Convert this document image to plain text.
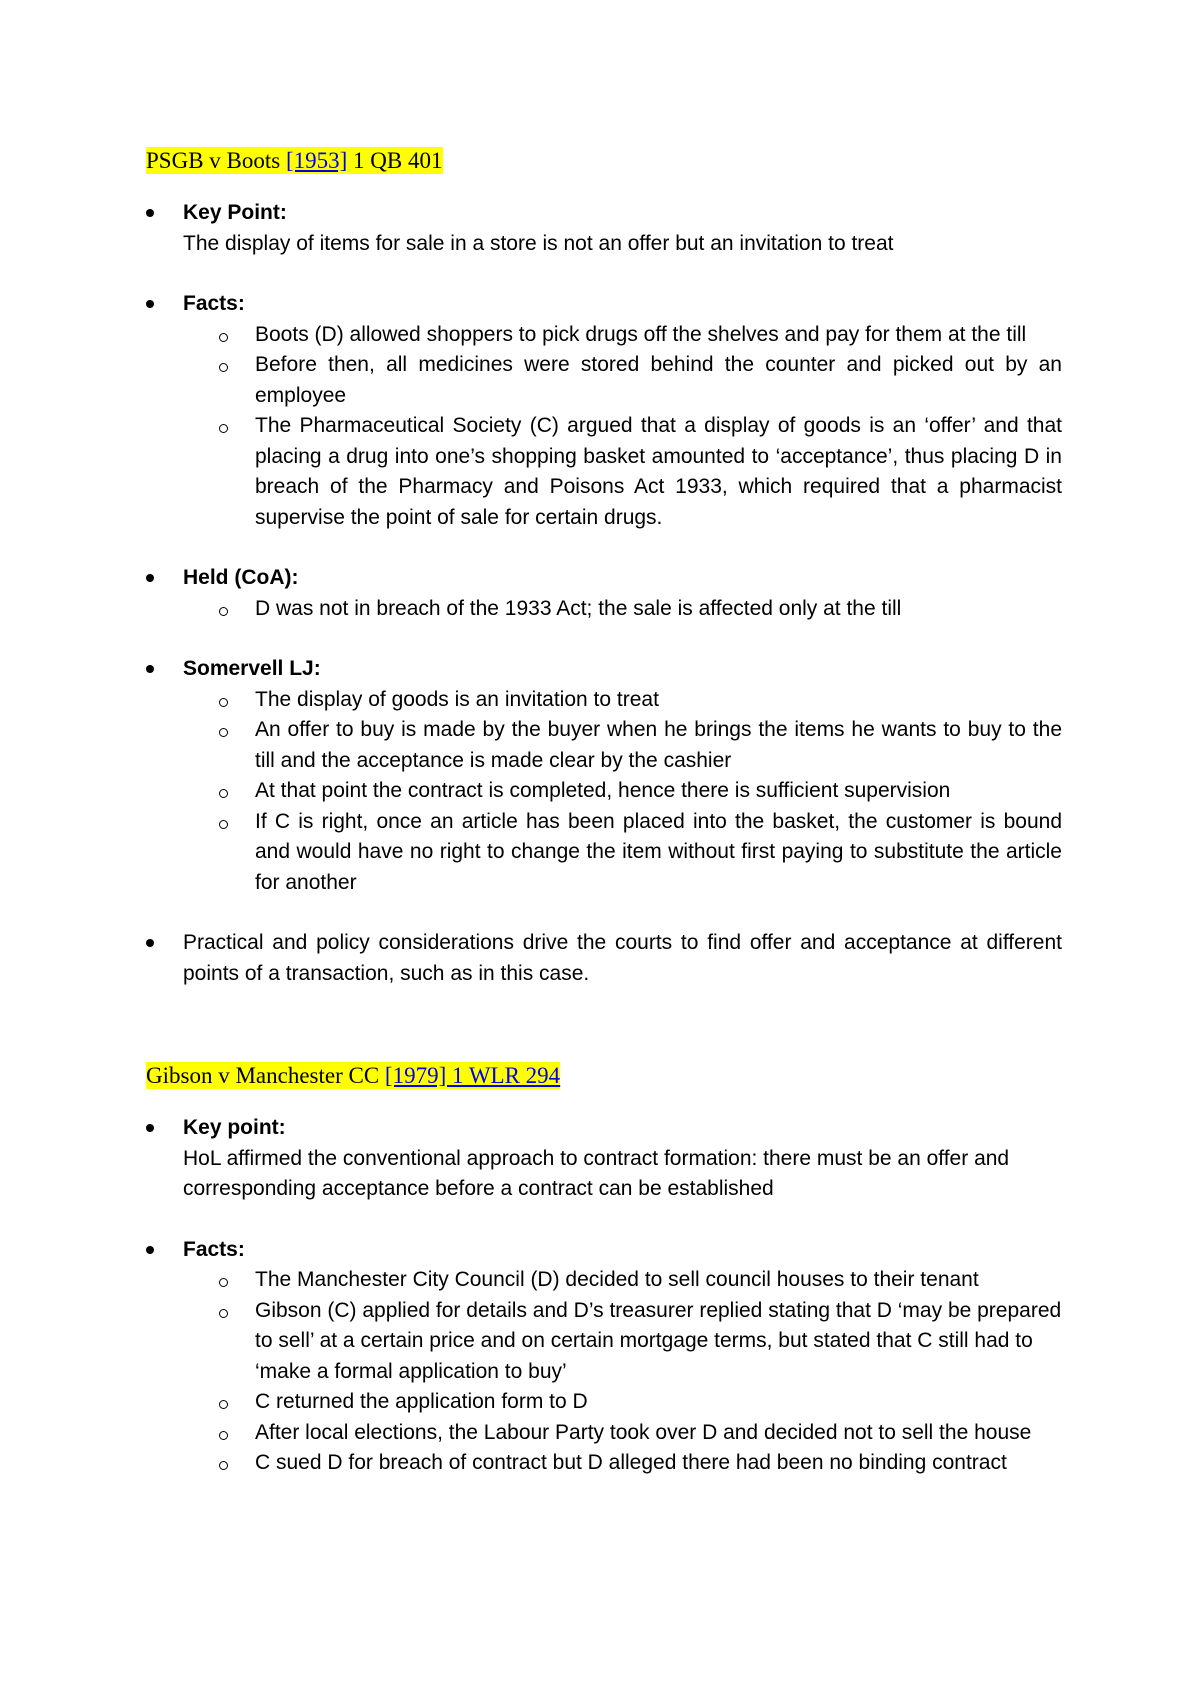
PSGB v Boots [1953] 1 QB 401
Key Point:
The display of items for sale in a store is not an offer but an invitation to treat
Facts:
Boots (D) allowed shoppers to pick drugs off the shelves and pay for them at the till
Before then, all medicines were stored behind the counter and picked out by an employee
The Pharmaceutical Society (C) argued that a display of goods is an ‘offer’ and that placing a drug into one’s shopping basket amounted to ‘acceptance’, thus placing D in breach of the Pharmacy and Poisons Act 1933, which required that a pharmacist supervise the point of sale for certain drugs.
Held (CoA):
D was not in breach of the 1933 Act; the sale is affected only at the till
Somervell LJ:
The display of goods is an invitation to treat
An offer to buy is made by the buyer when he brings the items he wants to buy to the till and the acceptance is made clear by the cashier
At that point the contract is completed, hence there is sufficient supervision
If C is right, once an article has been placed into the basket, the customer is bound and would have no right to change the item without first paying to substitute the article for another
Practical and policy considerations drive the courts to find offer and acceptance at different points of a transaction, such as in this case.
Gibson v Manchester CC [1979] 1 WLR 294
Key point:
HoL affirmed the conventional approach to contract formation: there must be an offer and corresponding acceptance before a contract can be established
Facts:
The Manchester City Council (D) decided to sell council houses to their tenant
Gibson (C) applied for details and D’s treasurer replied stating that D ‘may be prepared to sell’ at a certain price and on certain mortgage terms, but stated that C still had to ‘make a formal application to buy’
C returned the application form to D
After local elections, the Labour Party took over D and decided not to sell the house
C sued D for breach of contract but D alleged there had been no binding contract
